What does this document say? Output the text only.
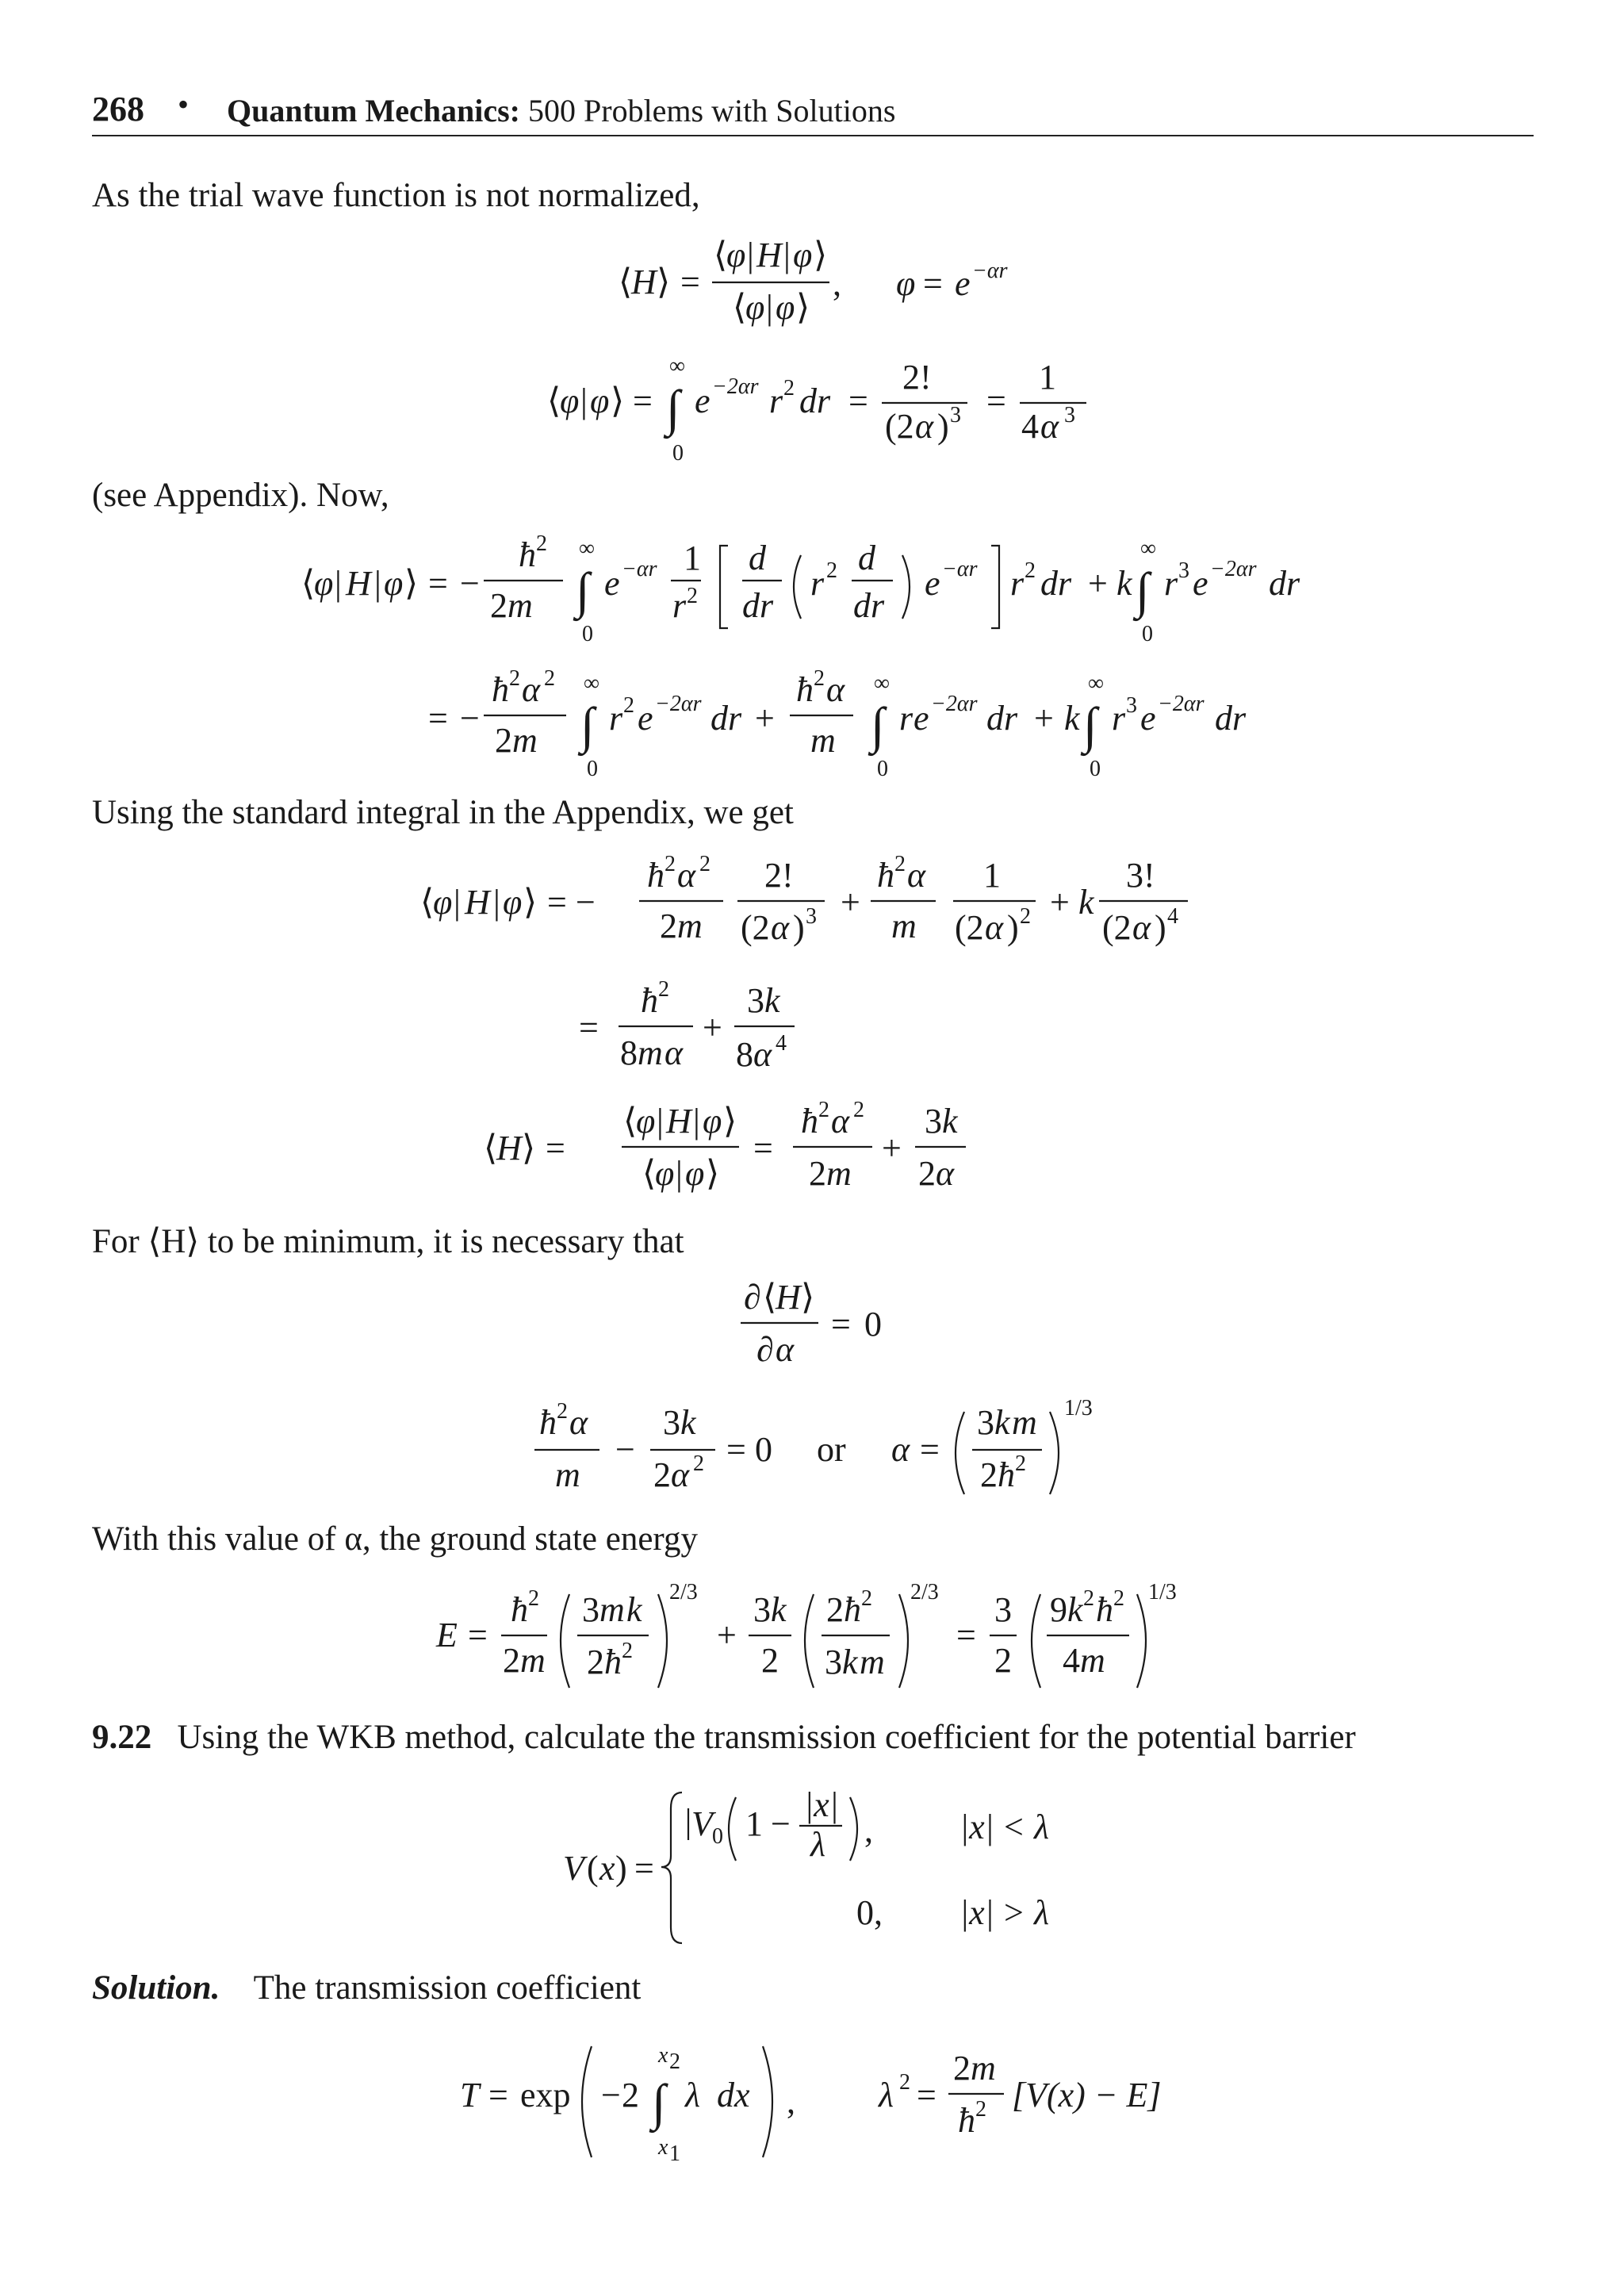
268 • Quantum Mechanics: 500 Problems with Solutions
As the trial wave function is not normalized,
(see Appendix). Now,
Using the standard integral in the Appendix, we get
For ⟨H⟩ to be minimum, it is necessary that
With this value of α, the ground state energy
9.22 Using the WKB method, calculate the transmission coefficient for the potential barrier
Solution. The transmission coefficient
⟨
H ⟩ =
⟨
φ | H | φ ⟩
⟨
φ | φ ⟩
, φ = e −αr
⟨
φ | φ ⟩ = ∫
∞
0
e −2αr r 2 dr =
2!
(2 α ) 3 =
1
4 α 3
⟨
φ | H | φ ⟩ = −
ħ 2
2 m
∞
∫
0
e −αr 1
r 2
d
dr
r 2 d
dr
e −αr r 2 dr + k
∞
∫
0
r 3 e −2αr dr
= −
ħ 2 α 2
2 m
∞
∫
0
r 2 e −2αr dr +
ħ 2 α
m
∞
∫
0
r e −2αr dr + k
∞
∫
0
r 3 e −2αr dr
⟨
φ | H | φ ⟩ = −
ħ 2 α 2
2 m
2!
(2 α ) 3 +
ħ 2 α
m
1
(2 α ) 2 + k
3!
(2 α ) 4
=
ħ 2
8 m α
+
3 k
8 α 4
⟨
H ⟩ =
⟨
φ | H | φ ⟩
⟨
φ | φ ⟩
=
ħ 2 α 2
2 m
+
3 k
2 α
∂ ⟨
H ⟩
∂ α
= 0
ħ 2 α
m
−
3 k
2 α 2 = 0 or α =
3 k m
2 ħ 2
1/3
E =
ħ 2
2 m
3 m k
2 ħ 2
2/3
+
3 k
2
2 ħ 2
3 k m
2/3
=
3
2
9 k 2 ħ 2
4 m
1/3
V ( x ) =
V 0 1 − |x|
λ , |x| < λ
0, |x| > λ
T = exp − 2 ∫
x 2
x 1
λ dx , λ 2 =
2 m
ħ 2 [V(x) − E]
